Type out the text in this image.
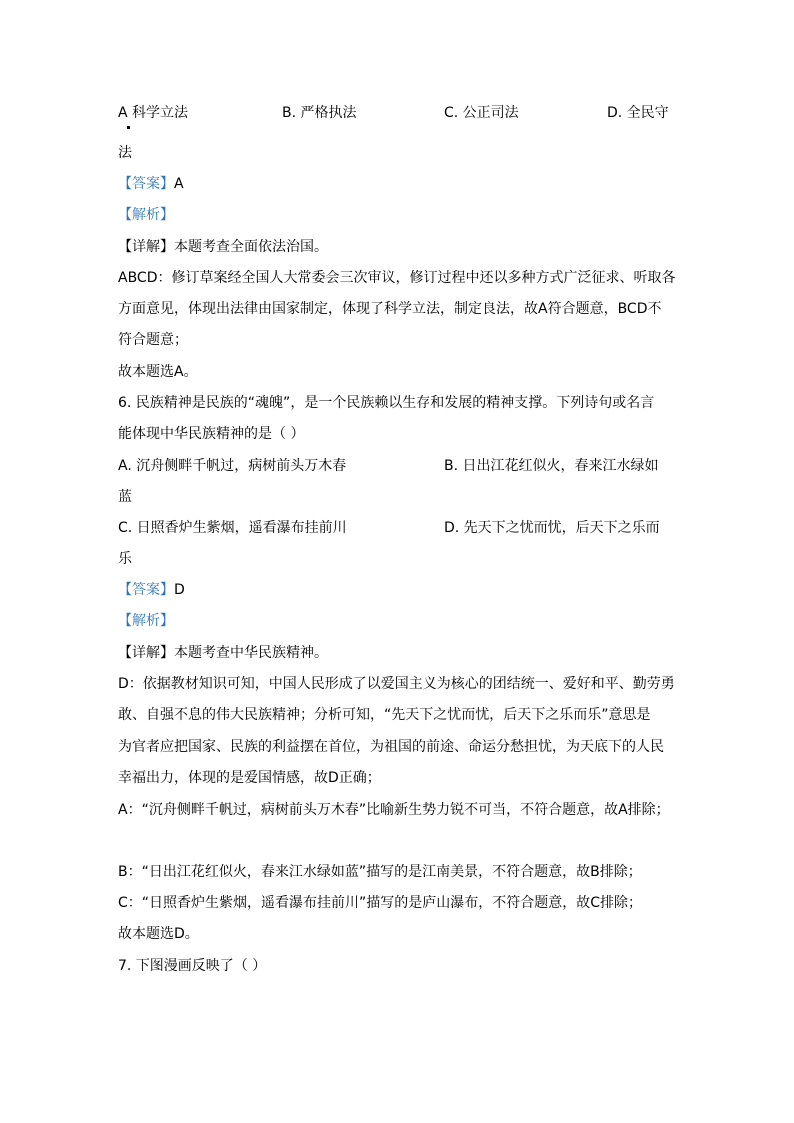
A 科学立法	B. 严格执法	C. 公正司法	D. 全民守
法
【答案】A
【解析】
【详解】本题考查全面依法治国。
ABCD：修订草案经全国人大常委会三次审议，修订过程中还以多种方式广泛征求、听取各
方面意见，体现出法律由国家制定，体现了科学立法，制定良法，故A符合题意，BCD不
符合题意；
故本题选A。
6. 民族精神是民族的“魂魄”，是一个民族赖以生存和发展的精神支撑。下列诗句或名言
能体现中华民族精神的是（ ）
A. 沉舟侧畔千帆过，病树前头万木春	B. 日出江花红似火，春来江水绿如
蓝
C. 日照香炉生紫烟，遥看瀑布挂前川	D. 先天下之忧而忧，后天下之乐而
乐
【答案】D
【解析】
【详解】本题考查中华民族精神。
D：依据教材知识可知，中国人民形成了以爱国主义为核心的团结统一、爱好和平、勤劳勇
敢、自强不息的伟大民族精神；分析可知，“先天下之忧而忧，后天下之乐而乐”意思是
为官者应把国家、民族的利益摆在首位，为祖国的前途、命运分愁担忧，为天底下的人民
幸福出力，体现的是爱国情感，故D正确；
A：“沉舟侧畔千帆过，病树前头万木春”比喻新生势力锐不可当，不符合题意，故A排除；
B：“日出江花红似火，春来江水绿如蓝”描写的是江南美景，不符合题意，故B排除；
C：“日照香炉生紫烟，遥看瀑布挂前川”描写的是庐山瀑布，不符合题意，故C排除；
故本题选D。
7. 下图漫画反映了（ ）
